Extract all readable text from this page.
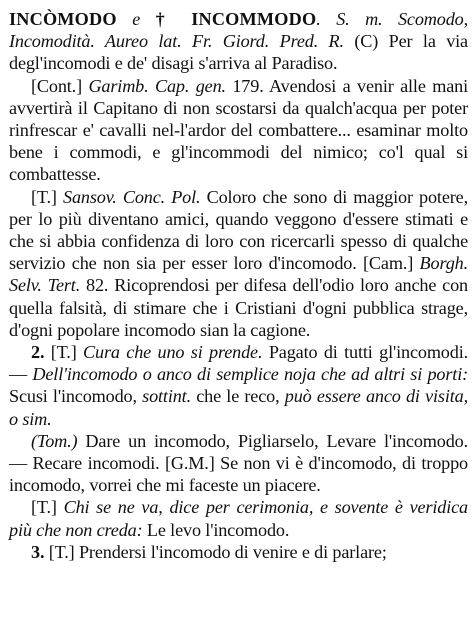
INCÒMODO e † INCOMMODO. S. m. Scomodo, Incomodità. Aureo lat. Fr. Giord. Pred. R. (C) Per la via degl'incomodi e de' disagi s'arriva al Paradiso.

[Cont.] Garimb. Cap. gen. 179. Avendosi a venir alle mani avvertirà il Capitano di non scostarsi da qualch'acqua per poter rinfrescar e' cavalli nel-l'ardor del combattere... esaminar molto bene i commodi, e gl'incommodi del nimico; co'l qual si combattesse.

[T.] Sansov. Conc. Pol. Coloro che sono di maggior potere, per lo più diventano amici, quando veggono d'essere stimati e che si abbia confidenza di loro con ricercarli spesso di qualche servizio che non sia per esser loro d'incomodo. [Cam.] Borgh. Selv. Tert. 82. Ricoprendosi per difesa dell'odio loro anche con quella falsità, di stimare che i Cristiani d'ogni pubblica strage, d'ogni popolare incomodo sian la cagione.

2. [T.] Cura che uno si prende. Pagato di tutti gl'incomodi. — Dell'incomodo o anco di semplice noja che ad altri si porti: Scusi l'incomodo, sottint. che le reco, può essere anco di visita, o sim.

(Tom.) Dare un incomodo, Pigliarselo, Levare l'incomodo. — Recare incomodi. [G.M.] Se non vi è d'incomodo, di troppo incomodo, vorrei che mi faceste un piacere.

[T.] Chi se ne va, dice per cerimonia, e sovente è veridica più che non creda: Le levo l'incomodo.

3. [T.] Prendersi l'incomodo di venire e di parlare;
